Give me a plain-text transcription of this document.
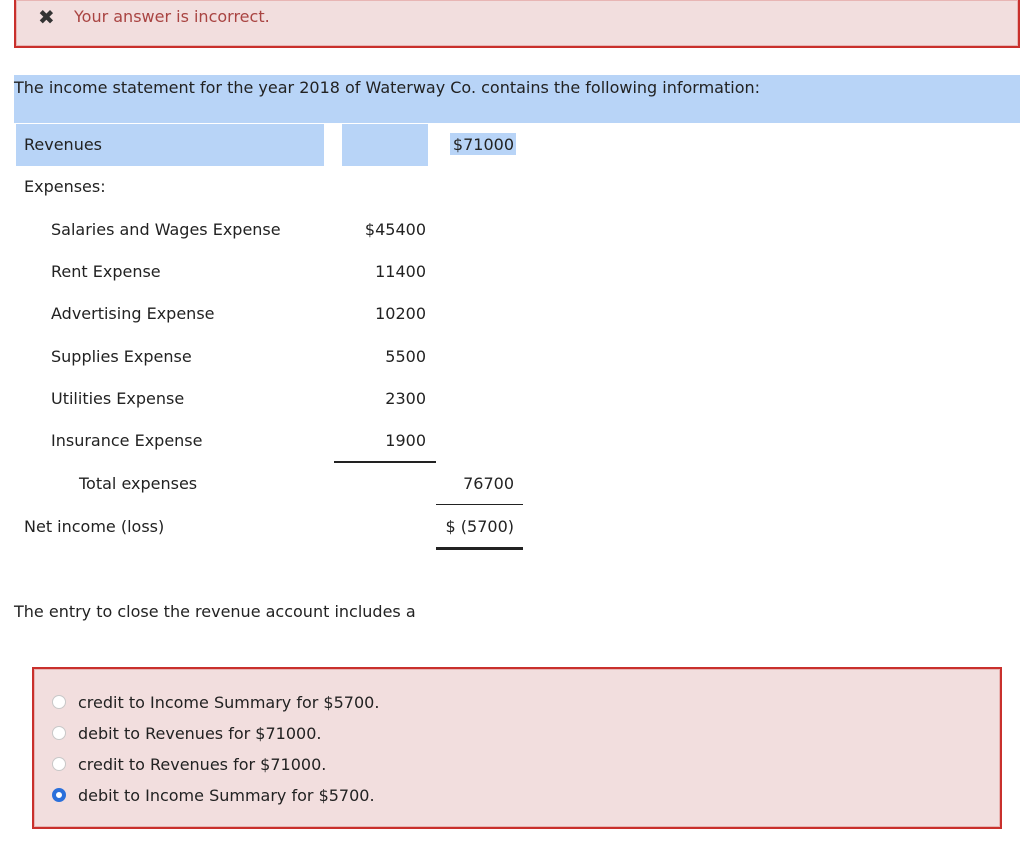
✖ Your answer is incorrect.
The income statement for the year 2018 of Waterway Co. contains the following information:
Revenues	$71000
Expenses:
Salaries and Wages Expense	$45400
Rent Expense	11400
Advertising Expense	10200
Supplies Expense	5500
Utilities Expense	2300
Insurance Expense	1900
Total expenses	76700
Net income (loss)	$ (5700)
The entry to close the revenue account includes a
credit to Income Summary for $5700.
debit to Revenues for $71000.
credit to Revenues for $71000.
debit to Income Summary for $5700.
